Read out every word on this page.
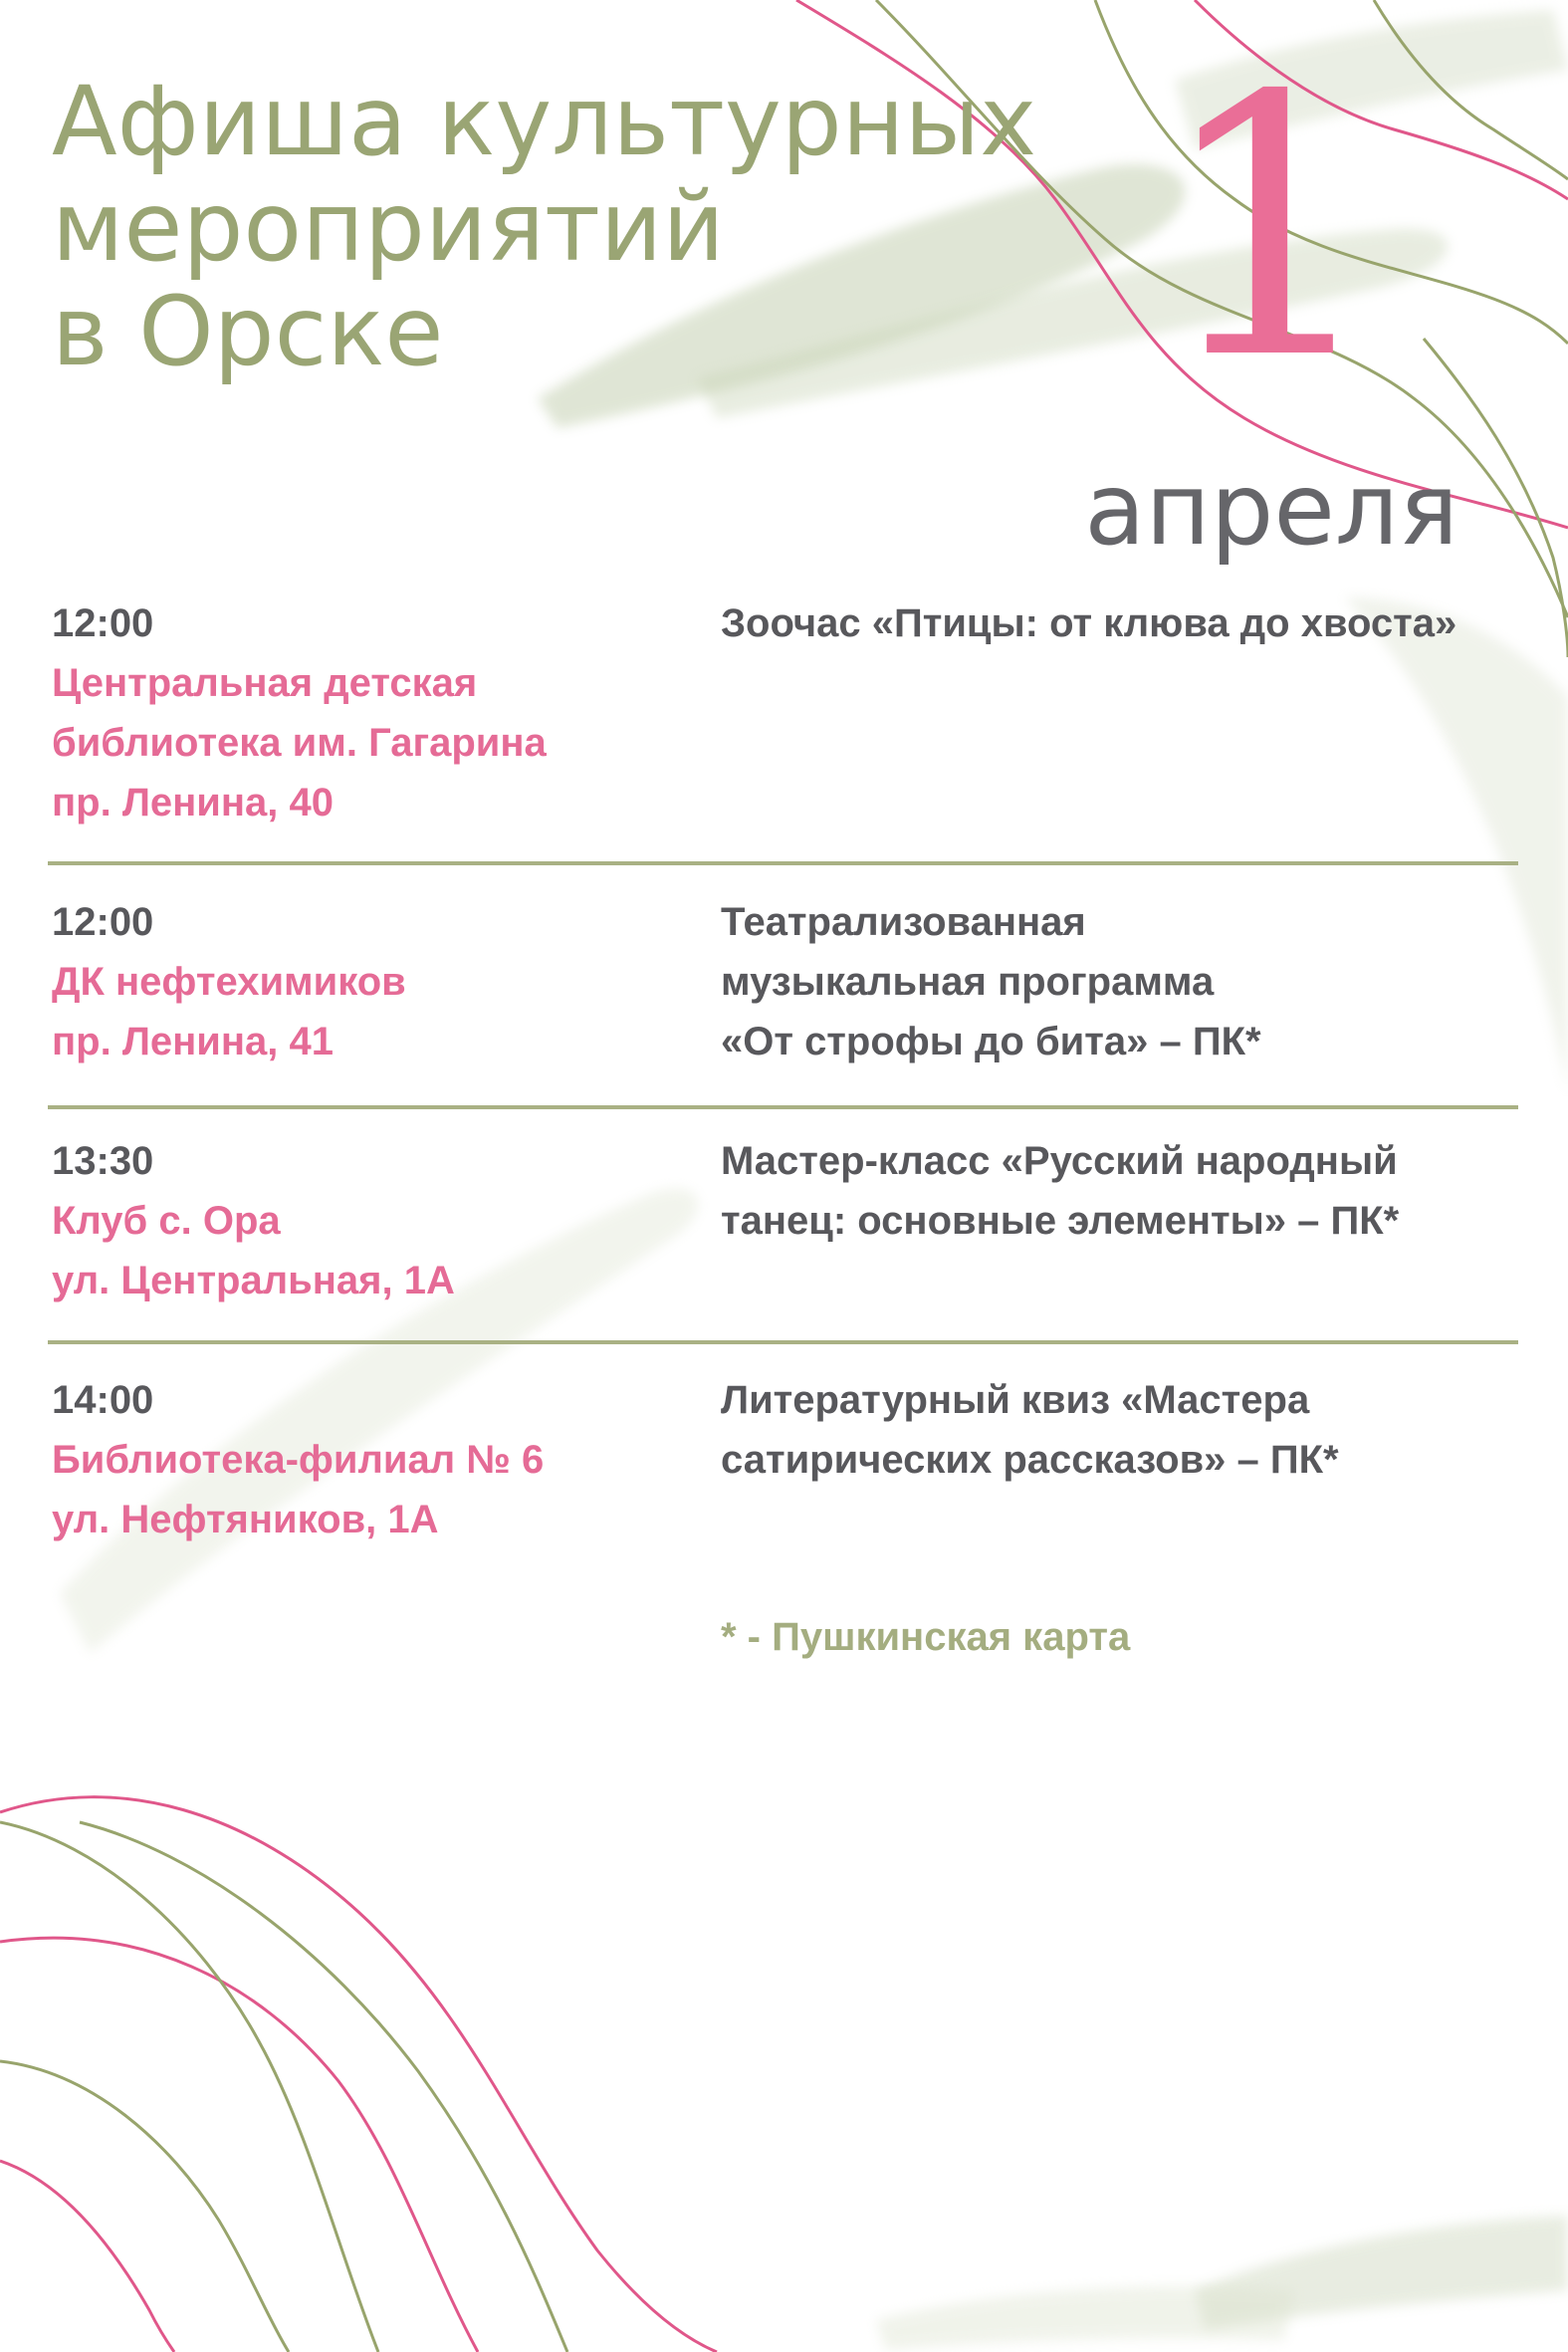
Афиша культурных
мероприятий
в Орске	1
апреля
12:00
Центральная детская
библиотека им. Гагарина
пр. Ленина, 40
Зоочас «Птицы: от клюва до хвоста»
12:00
ДК нефтехимиков
пр. Ленина, 41
Театрализованная
музыкальная программа
«От строфы до бита» – ПК*
13:30
Клуб с. Ора
ул. Центральная, 1А
Мастер-класс «Русский народный
танец: основные элементы» – ПК*
14:00
Библиотека-филиал № 6
ул. Нефтяников, 1А
Литературный квиз «Мастера
сатирических рассказов» – ПК*
* - Пушкинская карта
